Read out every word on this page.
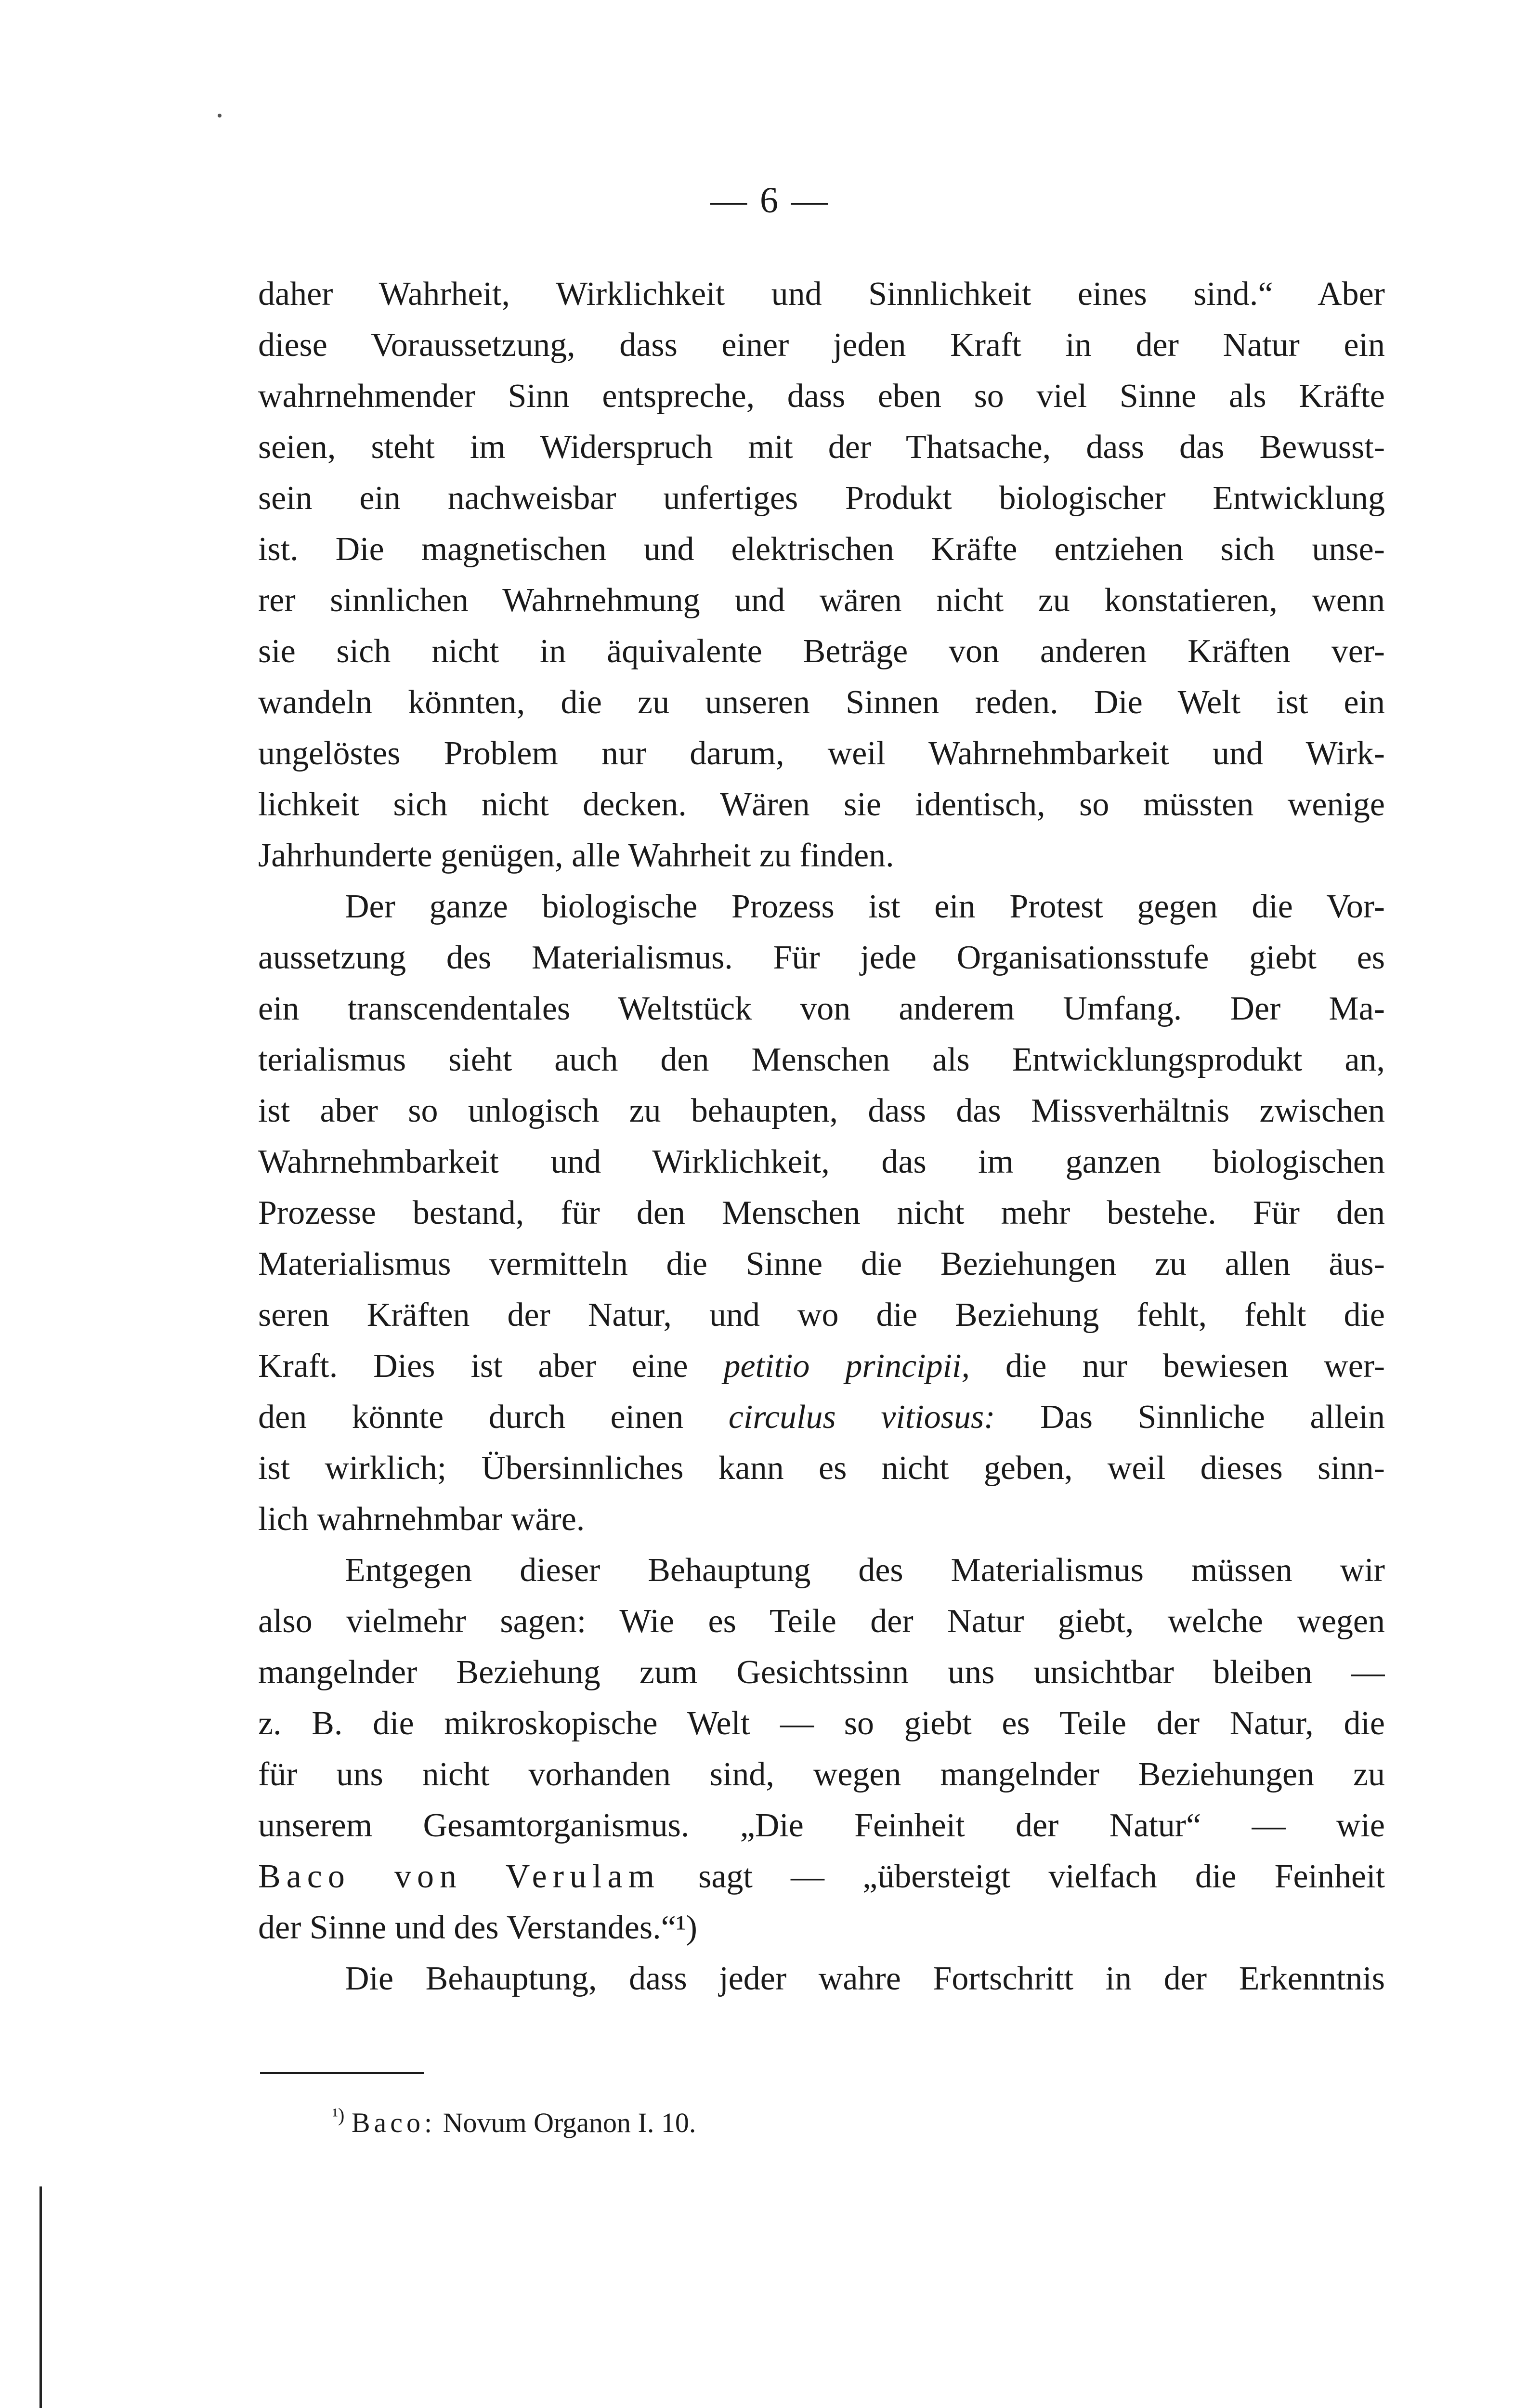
— 6 —
daher Wahrheit, Wirklichkeit und Sinnlichkeit eines sind.“ Aber
diese Voraussetzung, dass einer jeden Kraft in der Natur ein
wahrnehmender Sinn entspreche, dass eben so viel Sinne als Kräfte
seien, steht im Widerspruch mit der Thatsache, dass das Bewusst-
sein ein nachweisbar unfertiges Produkt biologischer Entwicklung
ist. Die magnetischen und elektrischen Kräfte entziehen sich unse-
rer sinnlichen Wahrnehmung und wären nicht zu konstatieren, wenn
sie sich nicht in äquivalente Beträge von anderen Kräften ver-
wandeln könnten, die zu unseren Sinnen reden. Die Welt ist ein
ungelöstes Problem nur darum, weil Wahrnehmbarkeit und Wirk-
lichkeit sich nicht decken. Wären sie identisch, so müssten wenige
Jahrhunderte genügen, alle Wahrheit zu finden.
Der ganze biologische Prozess ist ein Protest gegen die Vor-
aussetzung des Materialismus. Für jede Organisationsstufe giebt es
ein transcendentales Weltstück von anderem Umfang. Der Ma-
terialismus sieht auch den Menschen als Entwicklungsprodukt an,
ist aber so unlogisch zu behaupten, dass das Missverhältnis zwischen
Wahrnehmbarkeit und Wirklichkeit, das im ganzen biologischen
Prozesse bestand, für den Menschen nicht mehr bestehe. Für den
Materialismus vermitteln die Sinne die Beziehungen zu allen äus-
seren Kräften der Natur, und wo die Beziehung fehlt, fehlt die
Kraft. Dies ist aber eine petitio principii, die nur bewiesen wer-
den könnte durch einen circulus vitiosus: Das Sinnliche allein
ist wirklich; Übersinnliches kann es nicht geben, weil dieses sinn-
lich wahrnehmbar wäre.
Entgegen dieser Behauptung des Materialismus müssen wir
also vielmehr sagen: Wie es Teile der Natur giebt, welche wegen
mangelnder Beziehung zum Gesichtssinn uns unsichtbar bleiben —
z. B. die mikroskopische Welt — so giebt es Teile der Natur, die
für uns nicht vorhanden sind, wegen mangelnder Beziehungen zu
unserem Gesamtorganismus. „Die Feinheit der Natur“ — wie
Baco von Verulam sagt — „übersteigt vielfach die Feinheit
der Sinne und des Verstandes.“¹)
Die Behauptung, dass jeder wahre Fortschritt in der Erkenntnis
$^{^1)}$ Baco: Novum Organon I. 10.
